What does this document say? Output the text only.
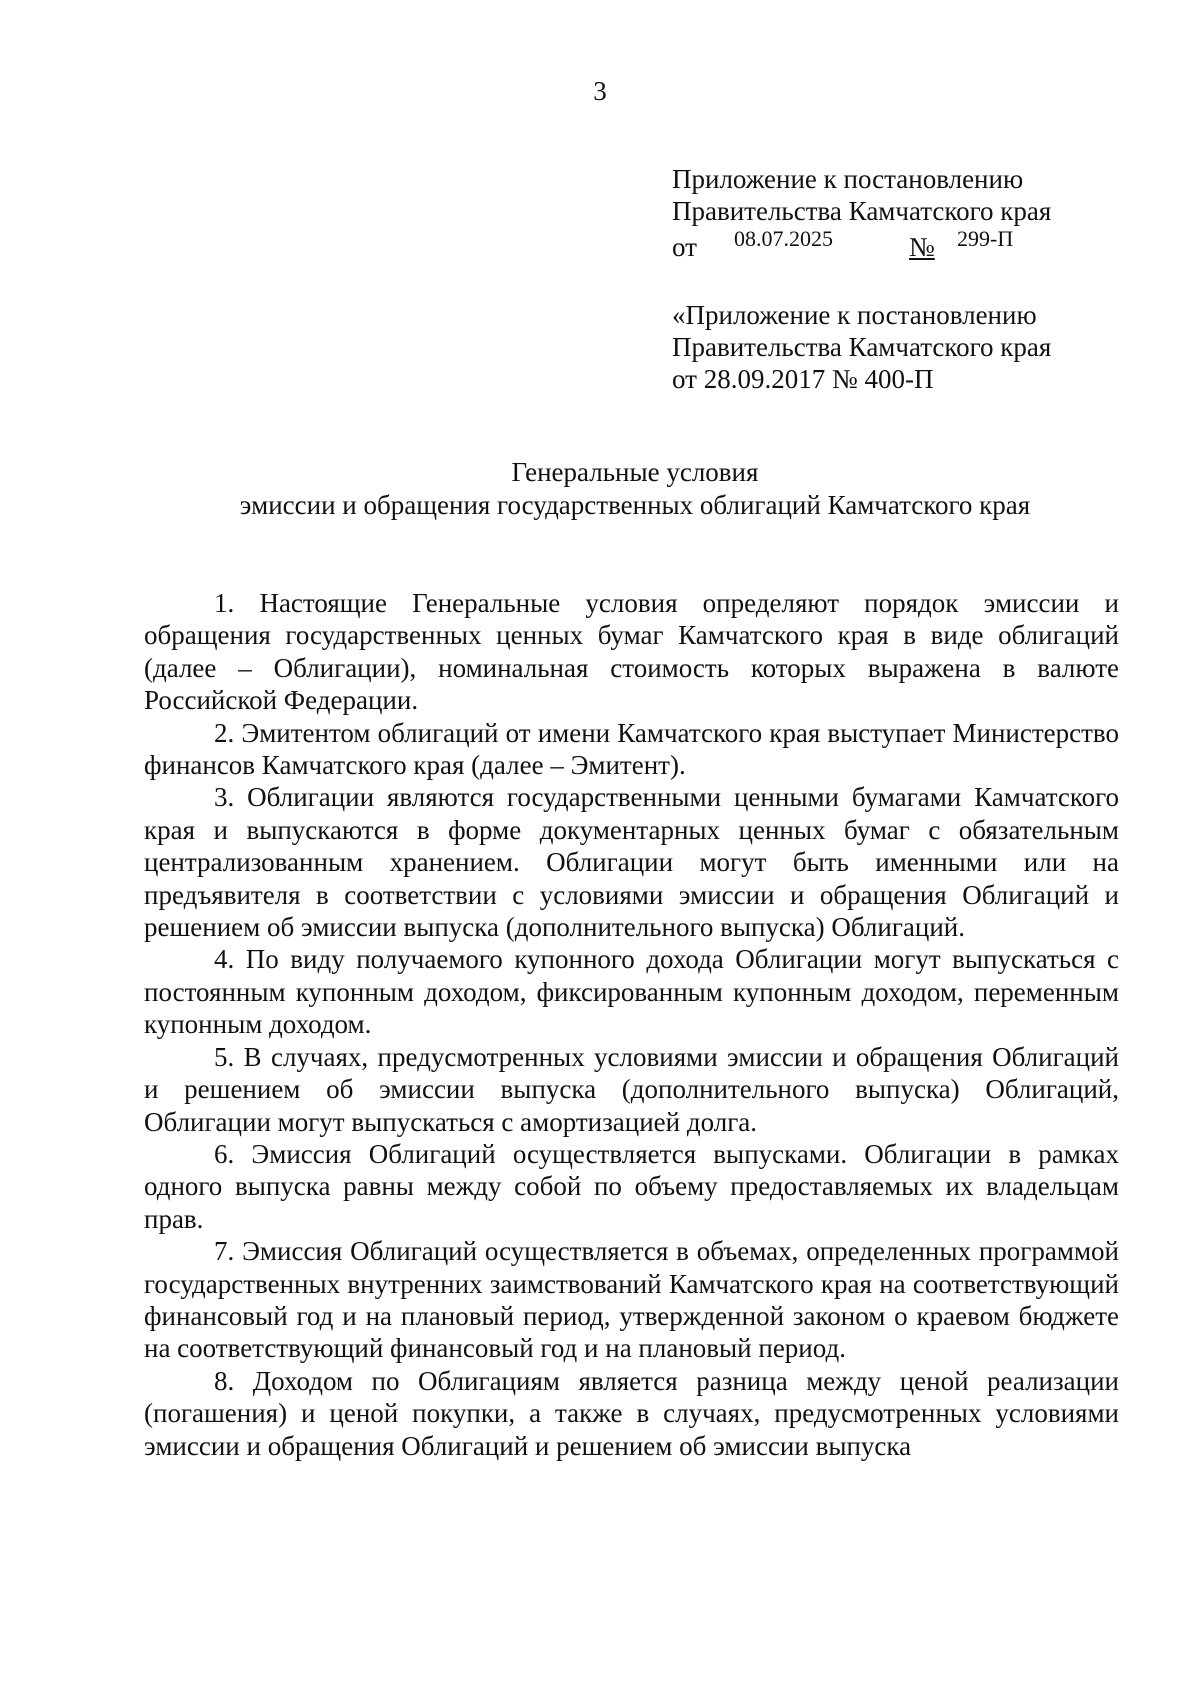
3
Приложение к постановлению
Правительства Камчатского края
от 08.07.2025	№ 299-П
«Приложение к постановлению
Правительства Камчатского края
от 28.09.2017 № 400-П
Генеральные условия
эмиссии и обращения государственных облигаций Камчатского края

1. Настоящие Генеральные условия определяют порядок эмиссии и обращения государственных ценных бумаг Камчатского края в виде облигаций (далее – Облигации), номинальная стоимость которых выражена в валюте Российской Федерации.

2. Эмитентом облигаций от имени Камчатского края выступает Министерство финансов Камчатского края (далее – Эмитент).

3. Облигации являются государственными ценными бумагами Камчатского края и выпускаются в форме документарных ценных бумаг с обязательным централизованным хранением. Облигации могут быть именными или на предъявителя в соответствии с условиями эмиссии и обращения Облигаций и решением об эмиссии выпуска (дополнительного выпуска) Облигаций.

4. По виду получаемого купонного дохода Облигации могут выпускаться с постоянным купонным доходом, фиксированным купонным доходом, переменным купонным доходом.

5. В случаях, предусмотренных условиями эмиссии и обращения Облигаций и решением об эмиссии выпуска (дополнительного выпуска) Облигаций, Облигации могут выпускаться с амортизацией долга.

6. Эмиссия Облигаций осуществляется выпусками. Облигации в рамках одного выпуска равны между собой по объему предоставляемых их владельцам прав.

7. Эмиссия Облигаций осуществляется в объемах, определенных программой государственных внутренних заимствований Камчатского края на соответствующий финансовый год и на плановый период, утвержденной законом о краевом бюджете на соответствующий финансовый год и на плановый период.

8. Доходом по Облигациям является разница между ценой реализации (погашения) и ценой покупки, а также в случаях, предусмотренных условиями эмиссии и обращения Облигаций и решением об эмиссии выпуска
